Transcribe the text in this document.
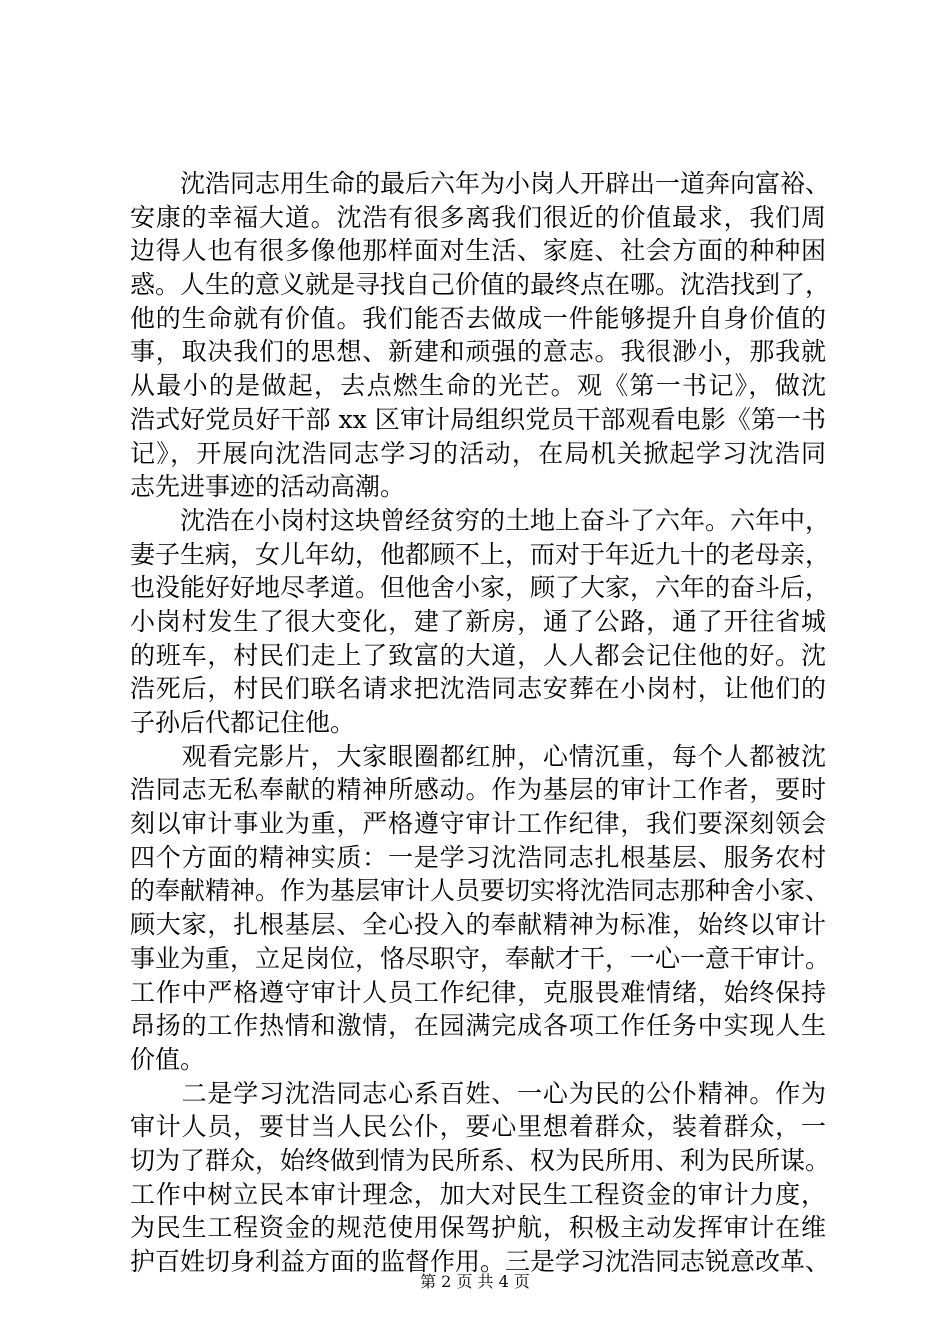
　　沈浩同志用生命的最后六年为小岗人开辟出一道奔向富裕、
安康的幸福大道。沈浩有很多离我们很近的价值最求，我们周
边得人也有很多像他那样面对生活、家庭、社会方面的种种困
惑。人生的意义就是寻找自己价值的最终点在哪。沈浩找到了，
他的生命就有价值。我们能否去做成一件能够提升自身价值的
事，取决我们的思想、新建和顽强的意志。我很渺小，那我就
从最小的是做起，去点燃生命的光芒。观《第一书记》，做沈
浩式好党员好干部 xx 区审计局组织党员干部观看电影《第一书
记》，开展向沈浩同志学习的活动，在局机关掀起学习沈浩同
志先进事迹的活动高潮。
　　沈浩在小岗村这块曾经贫穷的土地上奋斗了六年。六年中，
妻子生病，女儿年幼，他都顾不上，而对于年近九十的老母亲，
也没能好好地尽孝道。但他舍小家，顾了大家，六年的奋斗后，
小岗村发生了很大变化，建了新房，通了公路，通了开往省城
的班车，村民们走上了致富的大道，人人都会记住他的好。沈
浩死后，村民们联名请求把沈浩同志安葬在小岗村，让他们的
子孙后代都记住他。
　　观看完影片，大家眼圈都红肿，心情沉重，每个人都被沈
浩同志无私奉献的精神所感动。作为基层的审计工作者，要时
刻以审计事业为重，严格遵守审计工作纪律，我们要深刻领会
四个方面的精神实质：一是学习沈浩同志扎根基层、服务农村
的奉献精神。作为基层审计人员要切实将沈浩同志那种舍小家、
顾大家，扎根基层、全心投入的奉献精神为标准，始终以审计
事业为重，立足岗位，恪尽职守，奉献才干，一心一意干审计。
工作中严格遵守审计人员工作纪律，克服畏难情绪，始终保持
昂扬的工作热情和激情，在园满完成各项工作任务中实现人生
价值。
　　二是学习沈浩同志心系百姓、一心为民的公仆精神。作为
审计人员，要甘当人民公仆，要心里想着群众，装着群众，一
切为了群众，始终做到情为民所系、权为民所用、利为民所谋。
工作中树立民本审计理念，加大对民生工程资金的审计力度，
为民生工程资金的规范使用保驾护航，积极主动发挥审计在维
护百姓切身利益方面的监督作用。三是学习沈浩同志锐意改革、
第 2 页 共 4 页
